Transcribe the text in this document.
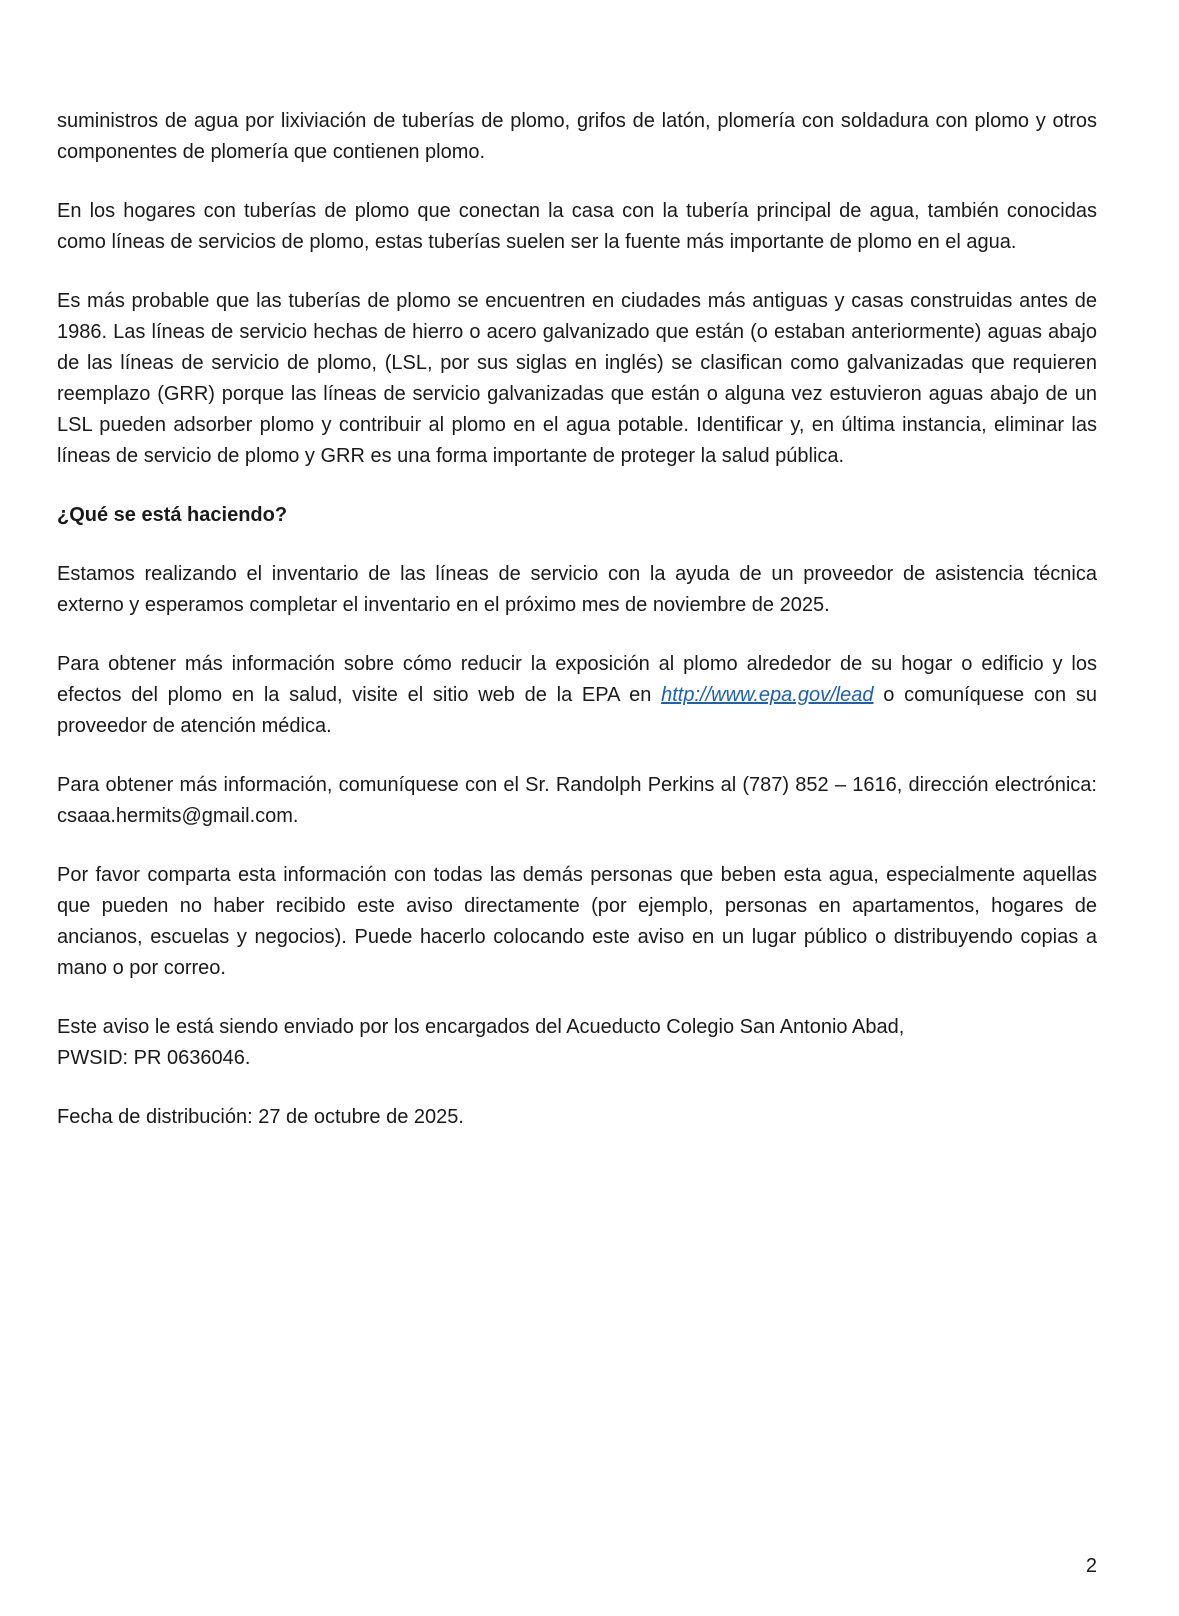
suministros de agua por lixiviación de tuberías de plomo, grifos de latón, plomería con soldadura con plomo y otros componentes de plomería que contienen plomo.

En los hogares con tuberías de plomo que conectan la casa con la tubería principal de agua, también conocidas como líneas de servicios de plomo, estas tuberías suelen ser la fuente más importante de plomo en el agua.

Es más probable que las tuberías de plomo se encuentren en ciudades más antiguas y casas construidas antes de 1986. Las líneas de servicio hechas de hierro o acero galvanizado que están (o estaban anteriormente) aguas abajo de las líneas de servicio de plomo, (LSL, por sus siglas en inglés) se clasifican como galvanizadas que requieren reemplazo (GRR) porque las líneas de servicio galvanizadas que están o alguna vez estuvieron aguas abajo de un LSL pueden adsorber plomo y contribuir al plomo en el agua potable. Identificar y, en última instancia, eliminar las líneas de servicio de plomo y GRR es una forma importante de proteger la salud pública.

¿Qué se está haciendo?

Estamos realizando el inventario de las líneas de servicio con la ayuda de un proveedor de asistencia técnica externo y esperamos completar el inventario en el próximo mes de noviembre de 2025.

Para obtener más información sobre cómo reducir la exposición al plomo alrededor de su hogar o edificio y los efectos del plomo en la salud, visite el sitio web de la EPA en http://www.epa.gov/lead o comuníquese con su proveedor de atención médica.

Para obtener más información, comuníquese con el Sr. Randolph Perkins al (787) 852 – 1616, dirección electrónica: csaaa.hermits@gmail.com.

Por favor comparta esta información con todas las demás personas que beben esta agua, especialmente aquellas que pueden no haber recibido este aviso directamente (por ejemplo, personas en apartamentos, hogares de ancianos, escuelas y negocios). Puede hacerlo colocando este aviso en un lugar público o distribuyendo copias a mano o por correo.

Este aviso le está siendo enviado por los encargados del Acueducto Colegio San Antonio Abad,
PWSID: PR 0636046.

Fecha de distribución: 27 de octubre de 2025.

2
